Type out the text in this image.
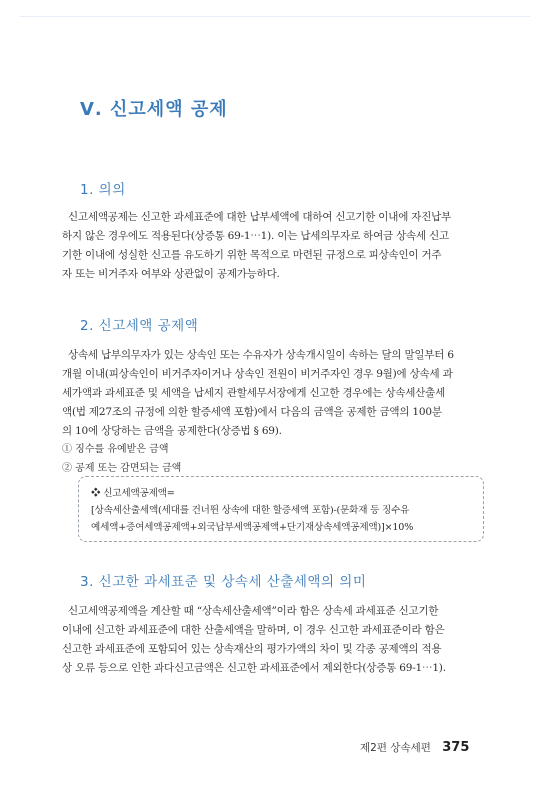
Ⅴ. 신고세액 공제
1. 의의
신고세액공제는 신고한 과세표준에 대한 납부세액에 대하여 신고기한 이내에 자진납부
하지 않은 경우에도 적용된다(상증통 69-1⋯1). 이는 납세의무자로 하여금 상속세 신고
기한 이내에 성실한 신고를 유도하기 위한 목적으로 마련된 규정으로 피상속인이 거주
자 또는 비거주자 여부와 상관없이 공제가능하다.
2. 신고세액 공제액
상속세 납부의무자가 있는 상속인 또는 수유자가 상속개시일이 속하는 달의 말일부터 6
개월 이내(피상속인이 비거주자이거나 상속인 전원이 비거주자인 경우 9월)에 상속세 과
세가액과 과세표준 및 세액을 납세지 관할세무서장에게 신고한 경우에는 상속세산출세
액(법 제27조의 규정에 의한 할증세액 포함)에서 다음의 금액을 공제한 금액의 100분
의 10에 상당하는 금액을 공제한다(상증법 § 69).
① 징수를 유예받은 금액
② 공제 또는 감면되는 금액
❖ 신고세액공제액=
[상속세산출세액(세대를 건너뛴 상속에 대한 할증세액 포함)-(문화재 등 징수유
예세액+증여세액공제액+외국납부세액공제액+단기재상속세액공제액)]×10%
3. 신고한 과세표준 및 상속세 산출세액의 의미
신고세액공제액을 계산할 때 “상속세산출세액”이라 함은 상속세 과세표준 신고기한
이내에 신고한 과세표준에 대한 산출세액을 말하며, 이 경우 신고한 과세표준이라 함은
신고한 과세표준에 포함되어 있는 상속재산의 평가가액의 차이 및 각종 공제액의 적용
상 오류 등으로 인한 과다신고금액은 신고한 과세표준에서 제외한다(상증통 69-1⋯1).
제2편 상속세편 375
